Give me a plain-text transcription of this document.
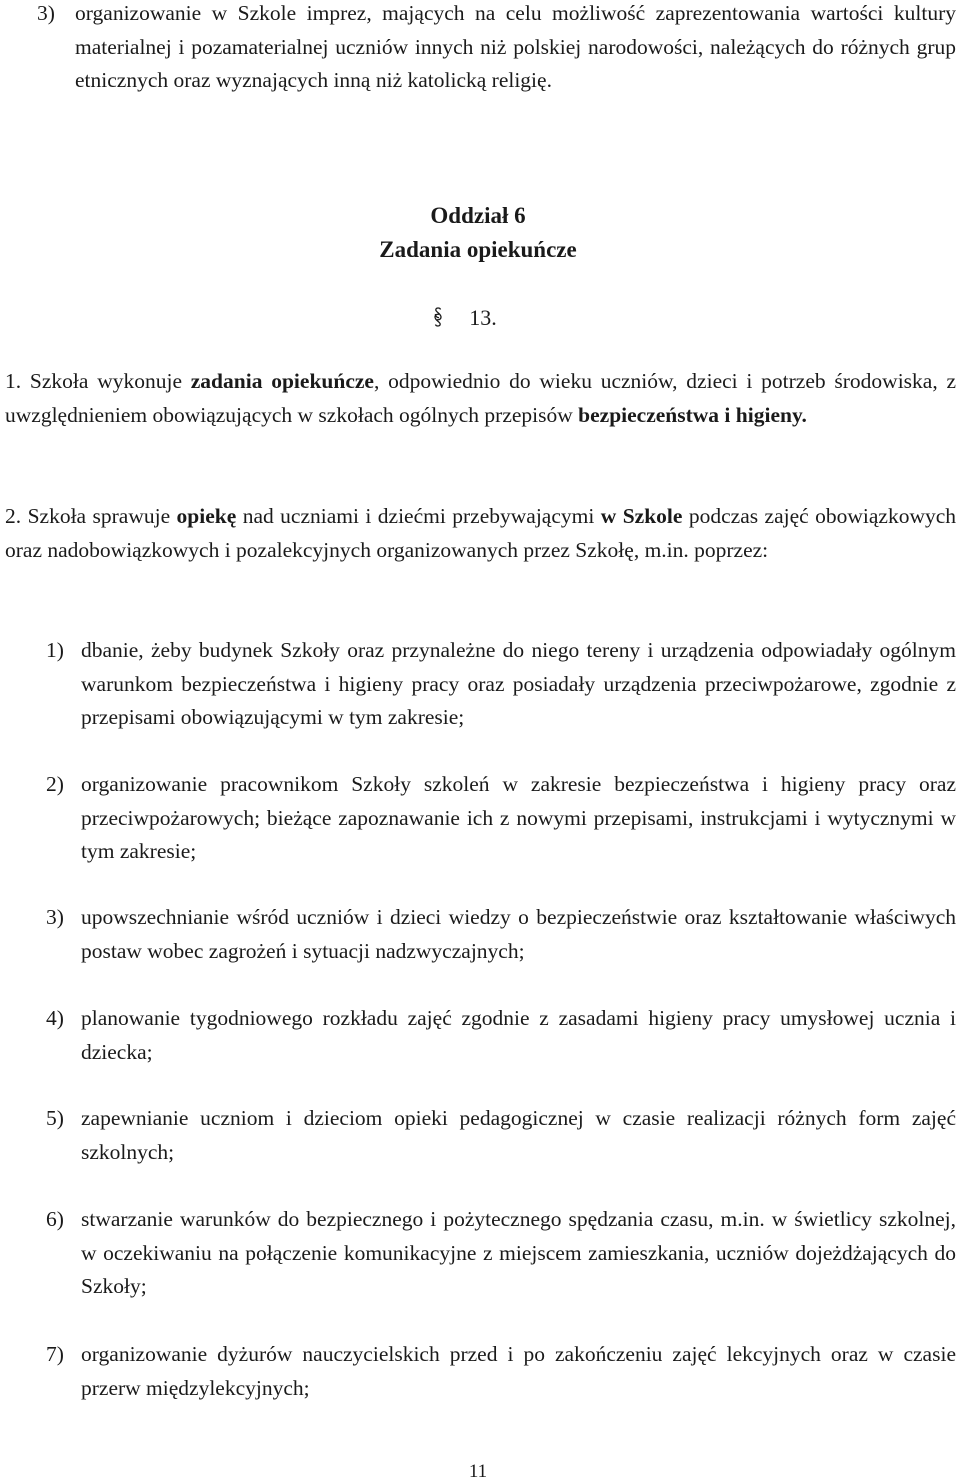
3) organizowanie w Szkole imprez, mających na celu możliwość zaprezentowania wartości kultury materialnej i pozamaterialnej uczniów innych niż polskiej narodowości, należących do różnych grup etnicznych oraz wyznających inną niż katolicką religię.
Oddział 6
Zadania opiekuńcze
13.
1. Szkoła wykonuje zadania opiekuńcze, odpowiednio do wieku uczniów, dzieci i potrzeb środowiska, z uwzględnieniem obowiązujących w szkołach ogólnych przepisów bezpieczeństwa i higieny.
2. Szkoła sprawuje opiekę nad uczniami i dziećmi przebywającymi w Szkole podczas zajęć obowiązkowych oraz nadobowiązkowych i pozalekcyjnych organizowanych przez Szkołę, m.in. poprzez:
1) dbanie, żeby budynek Szkoły oraz przynależne do niego tereny i urządzenia odpowiadały ogólnym warunkom bezpieczeństwa i higieny pracy oraz posiadały urządzenia przeciwpożarowe, zgodnie z przepisami obowiązującymi w tym zakresie;
2) organizowanie pracownikom Szkoły szkoleń w zakresie bezpieczeństwa i higieny pracy oraz przeciwpożarowych; bieżące zapoznawanie ich z nowymi przepisami, instrukcjami i wytycznymi w tym zakresie;
3) upowszechnianie wśród uczniów i dzieci wiedzy o bezpieczeństwie oraz kształtowanie właściwych postaw wobec zagrożeń i sytuacji nadzwyczajnych;
4) planowanie tygodniowego rozkładu zajęć zgodnie z zasadami higieny pracy umysłowej ucznia i dziecka;
5) zapewnianie uczniom i dzieciom opieki pedagogicznej w czasie realizacji różnych form zajęć szkolnych;
6) stwarzanie warunków do bezpiecznego i pożytecznego spędzania czasu, m.in. w świetlicy szkolnej, w oczekiwaniu na połączenie komunikacyjne z miejscem zamieszkania, uczniów dojeżdżających do Szkoły;
7) organizowanie dyżurów nauczycielskich przed i po zakończeniu zajęć lekcyjnych oraz w czasie przerw międzylekcyjnych;
11
